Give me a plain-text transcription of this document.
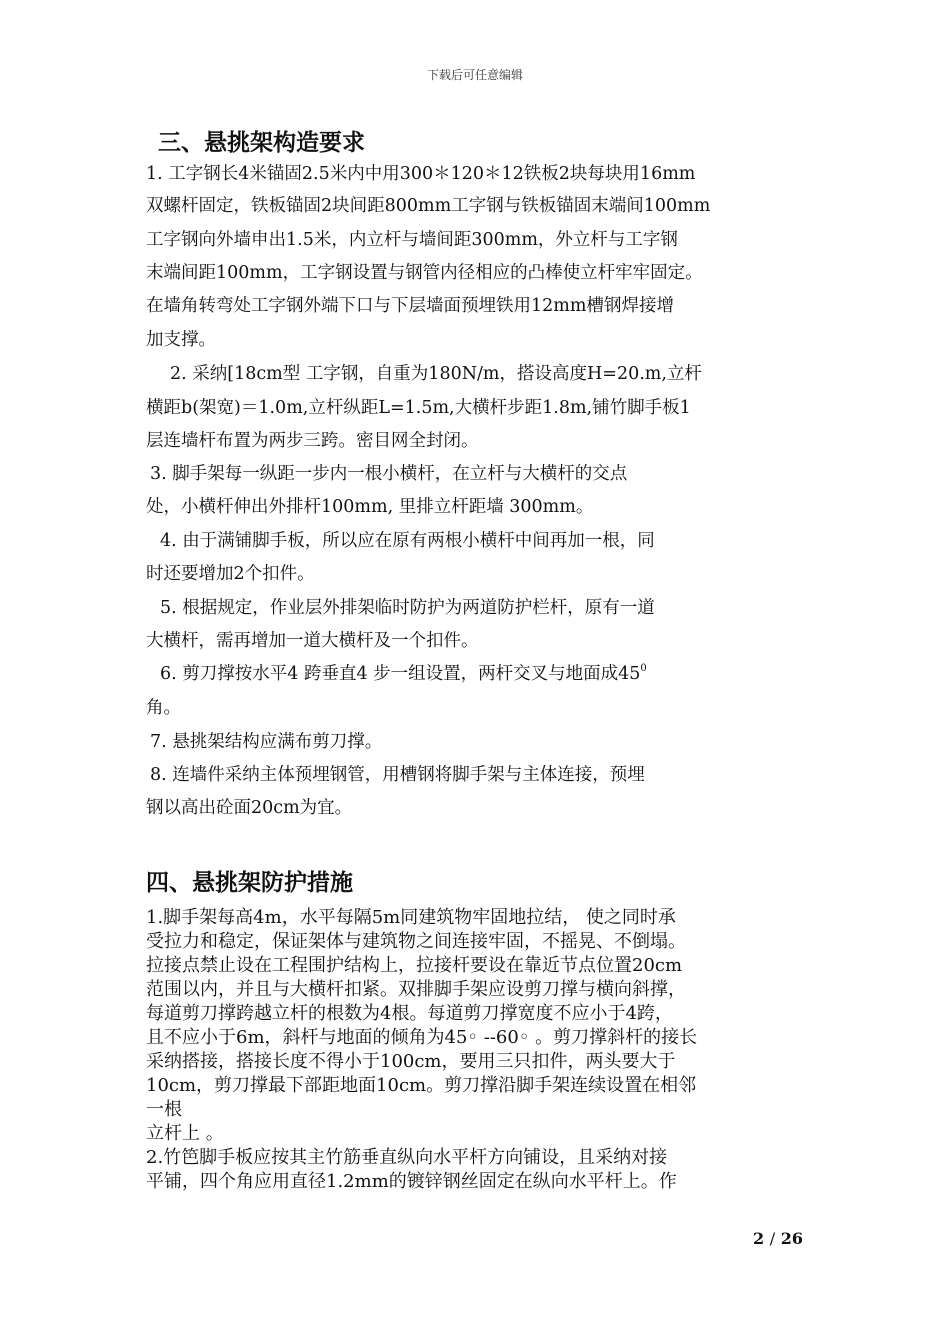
下载后可任意编辑
三、悬挑架构造要求
1. 工字钢长4米锚固2.5米内中用300＊120＊12铁板2块每块用16mm
双螺杆固定，铁板锚固2块间距800mm工字钢与铁板锚固末端间100mm
工字钢向外墙申出1.5米，内立杆与墙间距300mm，外立杆与工字钢
末端间距100mm，工字钢设置与钢管内径相应的凸棒使立杆牢牢固定。
在墙角转弯处工字钢外端下口与下层墙面预埋铁用12mm槽钢焊接增
加支撑。
2. 采纳[18cm型 工字钢，自重为180N/m，搭设高度H=20.m,立杆
横距b(架宽)＝1.0m,立杆纵距L=1.5m,大横杆步距1.8m,铺竹脚手板1
层连墙杆布置为两步三跨。密目网全封闭。
3. 脚手架每一纵距一步内一根小横杆，在立杆与大横杆的交点
处，小横杆伸出外排杆100mm, 里排立杆距墙 300mm。
4. 由于满铺脚手板，所以应在原有两根小横杆中间再加一根，同
时还要增加2个扣件。
5. 根据规定，作业层外排架临时防护为两道防护栏杆，原有一道
大横杆，需再增加一道大横杆及一个扣件。
6. 剪刀撑按水平4 跨垂直4 步一组设置，两杆交叉与地面成$45^0$
角。
7. 悬挑架结构应满布剪刀撑。
8. 连墙件采纳主体预埋钢管，用槽钢将脚手架与主体连接，预埋
钢以高出砼面20cm为宜。
四、悬挑架防护措施
1.脚手架每高4m，水平每隔5m同建筑物牢固地拉结， 使之同时承
受拉力和稳定，保证架体与建筑物之间连接牢固，不摇晃、不倒塌。
拉接点禁止设在工程围护结构上，拉接杆要设在靠近节点位置20cm
范围以内，并且与大横杆扣紧。双排脚手架应设剪刀撑与横向斜撑，
每道剪刀撑跨越立杆的根数为4根。每道剪刀撑宽度不应小于4跨，
且不应小于6m，斜杆与地面的倾角为45◦ --60◦ 。剪刀撑斜杆的接长
采纳搭接，搭接长度不得小于100cm，要用三只扣件，两头要大于
10cm，剪刀撑最下部距地面10cm。剪刀撑沿脚手架连续设置在相邻
一根
立杆上 。
2.竹笆脚手板应按其主竹筋垂直纵向水平杆方向铺设，且采纳对接
平铺，四个角应用直径1.2mm的镀锌钢丝固定在纵向水平杆上。作
2 / 26
